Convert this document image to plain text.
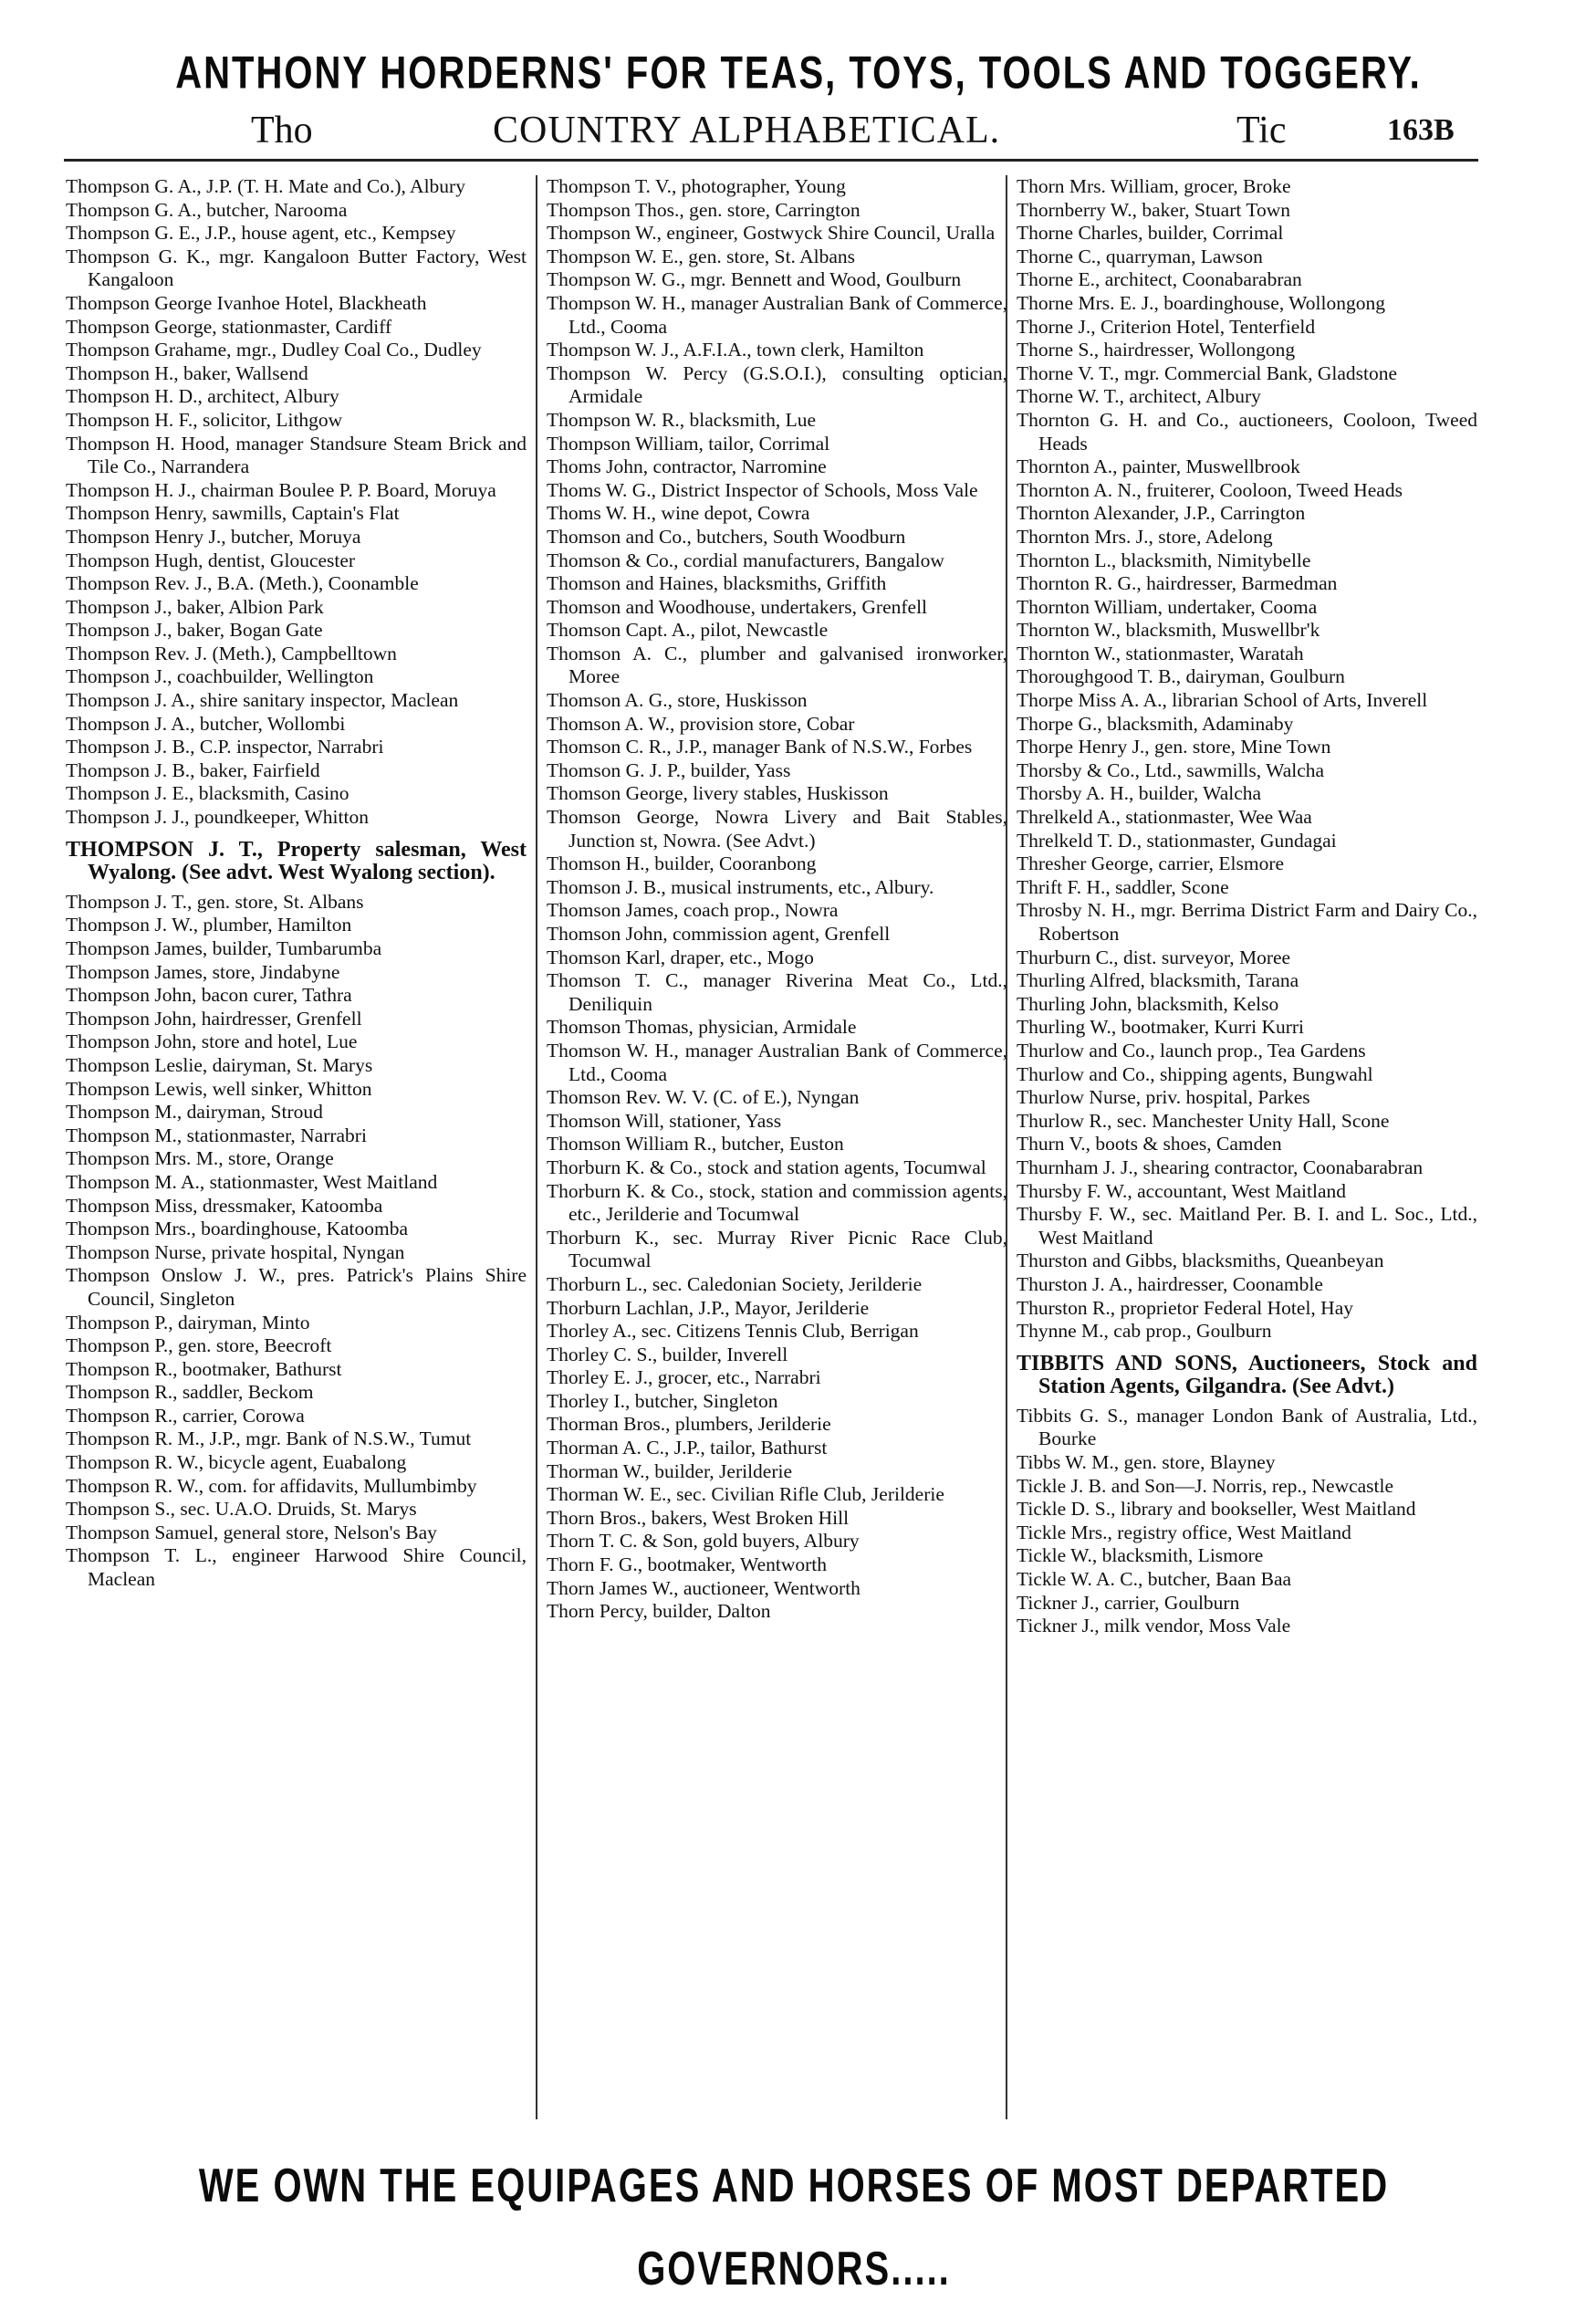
ANTHONY HORDERNS' FOR TEAS, TOYS, TOOLS AND TOGGERY.
Tho	COUNTRY ALPHABETICAL.	Tic	163B

Thompson G. A., J.P. (T. H. Mate and Co.), Albury

Thompson G. A., butcher, Narooma

Thompson G. E., J.P., house agent, etc., Kempsey

Thompson G. K., mgr. Kangaloon Butter Factory, West Kangaloon

Thompson George Ivanhoe Hotel, Blackheath

Thompson George, stationmaster, Cardiff

Thompson Grahame, mgr., Dudley Coal Co., Dudley

Thompson H., baker, Wallsend

Thompson H. D., architect, Albury

Thompson H. F., solicitor, Lithgow

Thompson H. Hood, manager Standsure Steam Brick and Tile Co., Narrandera

Thompson H. J., chairman Boulee P. P. Board, Moruya

Thompson Henry, sawmills, Captain's Flat

Thompson Henry J., butcher, Moruya

Thompson Hugh, dentist, Gloucester

Thompson Rev. J., B.A. (Meth.), Coonamble

Thompson J., baker, Albion Park

Thompson J., baker, Bogan Gate

Thompson Rev. J. (Meth.), Campbelltown

Thompson J., coachbuilder, Wellington

Thompson J. A., shire sanitary inspector, Maclean

Thompson J. A., butcher, Wollombi

Thompson J. B., C.P. inspector, Narrabri

Thompson J. B., baker, Fairfield

Thompson J. E., blacksmith, Casino

Thompson J. J., poundkeeper, Whitton

THOMPSON J. T., Property salesman, West Wyalong. (See advt. West Wyalong section).

Thompson J. T., gen. store, St. Albans

Thompson J. W., plumber, Hamilton

Thompson James, builder, Tumbarumba

Thompson James, store, Jindabyne

Thompson John, bacon curer, Tathra

Thompson John, hairdresser, Grenfell

Thompson John, store and hotel, Lue

Thompson Leslie, dairyman, St. Marys

Thompson Lewis, well sinker, Whitton

Thompson M., dairyman, Stroud

Thompson M., stationmaster, Narrabri

Thompson Mrs. M., store, Orange

Thompson M. A., stationmaster, West Maitland

Thompson Miss, dressmaker, Katoomba

Thompson Mrs., boardinghouse, Katoomba

Thompson Nurse, private hospital, Nyngan

Thompson Onslow J. W., pres. Patrick's Plains Shire Council, Singleton

Thompson P., dairyman, Minto

Thompson P., gen. store, Beecroft

Thompson R., bootmaker, Bathurst

Thompson R., saddler, Beckom

Thompson R., carrier, Corowa

Thompson R. M., J.P., mgr. Bank of N.S.W., Tumut

Thompson R. W., bicycle agent, Euabalong

Thompson R. W., com. for affidavits, Mullumbimby

Thompson S., sec. U.A.O. Druids, St. Marys

Thompson Samuel, general store, Nelson's Bay

Thompson T. L., engineer Harwood Shire Council, Maclean

Thompson T. V., photographer, Young

Thompson Thos., gen. store, Carrington

Thompson W., engineer, Gostwyck Shire Council, Uralla

Thompson W. E., gen. store, St. Albans

Thompson W. G., mgr. Bennett and Wood, Goulburn

Thompson W. H., manager Australian Bank of Commerce, Ltd., Cooma

Thompson W. J., A.F.I.A., town clerk, Hamilton

Thompson W. Percy (G.S.O.I.), consulting optician, Armidale

Thompson W. R., blacksmith, Lue

Thompson William, tailor, Corrimal

Thoms John, contractor, Narromine

Thoms W. G., District Inspector of Schools, Moss Vale

Thoms W. H., wine depot, Cowra

Thomson and Co., butchers, South Woodburn

Thomson & Co., cordial manufacturers, Bangalow

Thomson and Haines, blacksmiths, Griffith

Thomson and Woodhouse, undertakers, Grenfell

Thomson Capt. A., pilot, Newcastle

Thomson A. C., plumber and galvanised ironworker, Moree

Thomson A. G., store, Huskisson

Thomson A. W., provision store, Cobar

Thomson C. R., J.P., manager Bank of N.S.W., Forbes

Thomson G. J. P., builder, Yass

Thomson George, livery stables, Huskisson

Thomson George, Nowra Livery and Bait Stables, Junction st, Nowra. (See Advt.)

Thomson H., builder, Cooranbong

Thomson J. B., musical instruments, etc., Albury.

Thomson James, coach prop., Nowra

Thomson John, commission agent, Grenfell

Thomson Karl, draper, etc., Mogo

Thomson T. C., manager Riverina Meat Co., Ltd., Deniliquin

Thomson Thomas, physician, Armidale

Thomson W. H., manager Australian Bank of Commerce, Ltd., Cooma

Thomson Rev. W. V. (C. of E.), Nyngan

Thomson Will, stationer, Yass

Thomson William R., butcher, Euston

Thorburn K. & Co., stock and station agents, Tocumwal

Thorburn K. & Co., stock, station and commission agents, etc., Jerilderie and Tocumwal

Thorburn K., sec. Murray River Picnic Race Club, Tocumwal

Thorburn L., sec. Caledonian Society, Jerilderie

Thorburn Lachlan, J.P., Mayor, Jerilderie

Thorley A., sec. Citizens Tennis Club, Berrigan

Thorley C. S., builder, Inverell

Thorley E. J., grocer, etc., Narrabri

Thorley I., butcher, Singleton

Thorman Bros., plumbers, Jerilderie

Thorman A. C., J.P., tailor, Bathurst

Thorman W., builder, Jerilderie

Thorman W. E., sec. Civilian Rifle Club, Jerilderie

Thorn Bros., bakers, West Broken Hill

Thorn T. C. & Son, gold buyers, Albury

Thorn F. G., bootmaker, Wentworth

Thorn James W., auctioneer, Wentworth

Thorn Percy, builder, Dalton

Thorn Mrs. William, grocer, Broke

Thornberry W., baker, Stuart Town

Thorne Charles, builder, Corrimal

Thorne C., quarryman, Lawson

Thorne E., architect, Coonabarabran

Thorne Mrs. E. J., boardinghouse, Wollongong

Thorne J., Criterion Hotel, Tenterfield

Thorne S., hairdresser, Wollongong

Thorne V. T., mgr. Commercial Bank, Gladstone

Thorne W. T., architect, Albury

Thornton G. H. and Co., auctioneers, Cooloon, Tweed Heads

Thornton A., painter, Muswellbrook

Thornton A. N., fruiterer, Cooloon, Tweed Heads

Thornton Alexander, J.P., Carrington

Thornton Mrs. J., store, Adelong

Thornton L., blacksmith, Nimitybelle

Thornton R. G., hairdresser, Barmedman

Thornton William, undertaker, Cooma

Thornton W., blacksmith, Muswellbr'k

Thornton W., stationmaster, Waratah

Thoroughgood T. B., dairyman, Goulburn

Thorpe Miss A. A., librarian School of Arts, Inverell

Thorpe G., blacksmith, Adaminaby

Thorpe Henry J., gen. store, Mine Town

Thorsby & Co., Ltd., sawmills, Walcha

Thorsby A. H., builder, Walcha

Threlkeld A., stationmaster, Wee Waa

Threlkeld T. D., stationmaster, Gundagai

Thresher George, carrier, Elsmore

Thrift F. H., saddler, Scone

Throsby N. H., mgr. Berrima District Farm and Dairy Co., Robertson

Thurburn C., dist. surveyor, Moree

Thurling Alfred, blacksmith, Tarana

Thurling John, blacksmith, Kelso

Thurling W., bootmaker, Kurri Kurri

Thurlow and Co., launch prop., Tea Gardens

Thurlow and Co., shipping agents, Bungwahl

Thurlow Nurse, priv. hospital, Parkes

Thurlow R., sec. Manchester Unity Hall, Scone

Thurn V., boots & shoes, Camden

Thurnham J. J., shearing contractor, Coonabarabran

Thursby F. W., accountant, West Maitland

Thursby F. W., sec. Maitland Per. B. I. and L. Soc., Ltd., West Maitland

Thurston and Gibbs, blacksmiths, Queanbeyan

Thurston J. A., hairdresser, Coonamble

Thurston R., proprietor Federal Hotel, Hay

Thynne M., cab prop., Goulburn

TIBBITS AND SONS, Auctioneers, Stock and Station Agents, Gilgandra. (See Advt.)

Tibbits G. S., manager London Bank of Australia, Ltd., Bourke

Tibbs W. M., gen. store, Blayney

Tickle J. B. and Son—J. Norris, rep., Newcastle

Tickle D. S., library and bookseller, West Maitland

Tickle Mrs., registry office, West Maitland

Tickle W., blacksmith, Lismore

Tickle W. A. C., butcher, Baan Baa

Tickner J., carrier, Goulburn

Tickner J., milk vendor, Moss Vale

WE OWN THE EQUIPAGES AND HORSES OF MOST DEPARTED GOVERNORS.....
